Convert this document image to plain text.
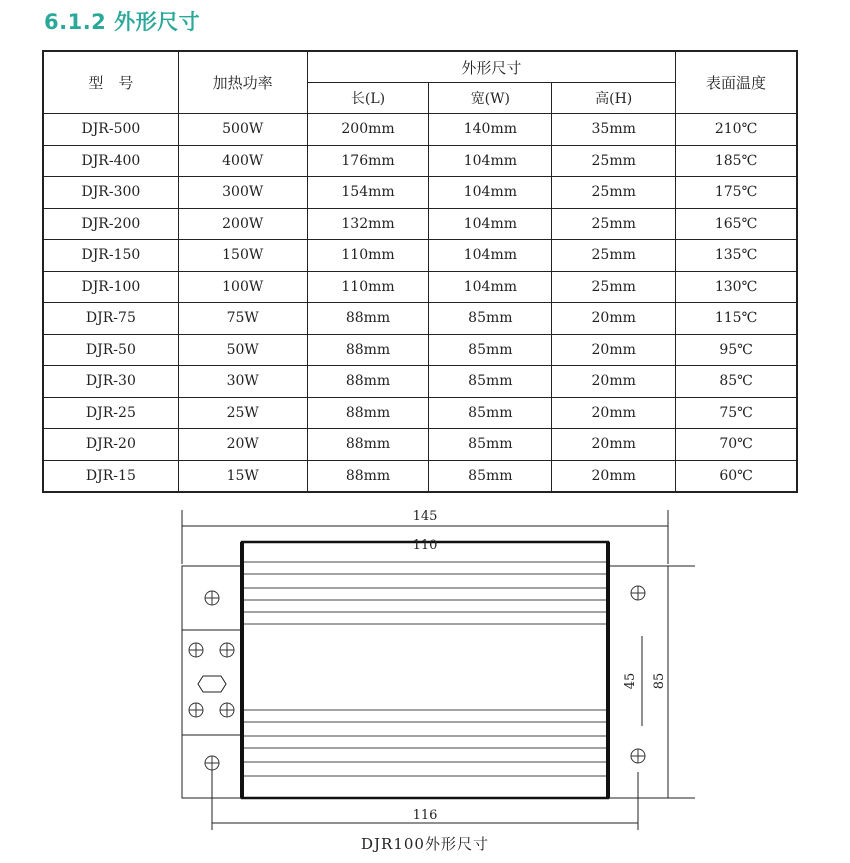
6.1.2 外形尺寸
型　号	加热功率	外形尺寸			表面温度
		长(L)	宽(W)	高(H)	
DJR-500	500W	200mm	140mm	35mm	210℃
DJR-400	400W	176mm	104mm	25mm	185℃
DJR-300	300W	154mm	104mm	25mm	175℃
DJR-200	200W	132mm	104mm	25mm	165℃
DJR-150	150W	110mm	104mm	25mm	135℃
DJR-100	100W	110mm	104mm	25mm	130℃
DJR-75	75W	88mm	85mm	20mm	115℃
DJR-50	50W	88mm	85mm	20mm	95℃
DJR-30	30W	88mm	85mm	20mm	85℃
DJR-25	25W	88mm	85mm	20mm	75℃
DJR-20	20W	88mm	85mm	20mm	70℃
DJR-15	15W	88mm	85mm	20mm	60℃
145
110
116
45 85
DJR100外形尺寸
